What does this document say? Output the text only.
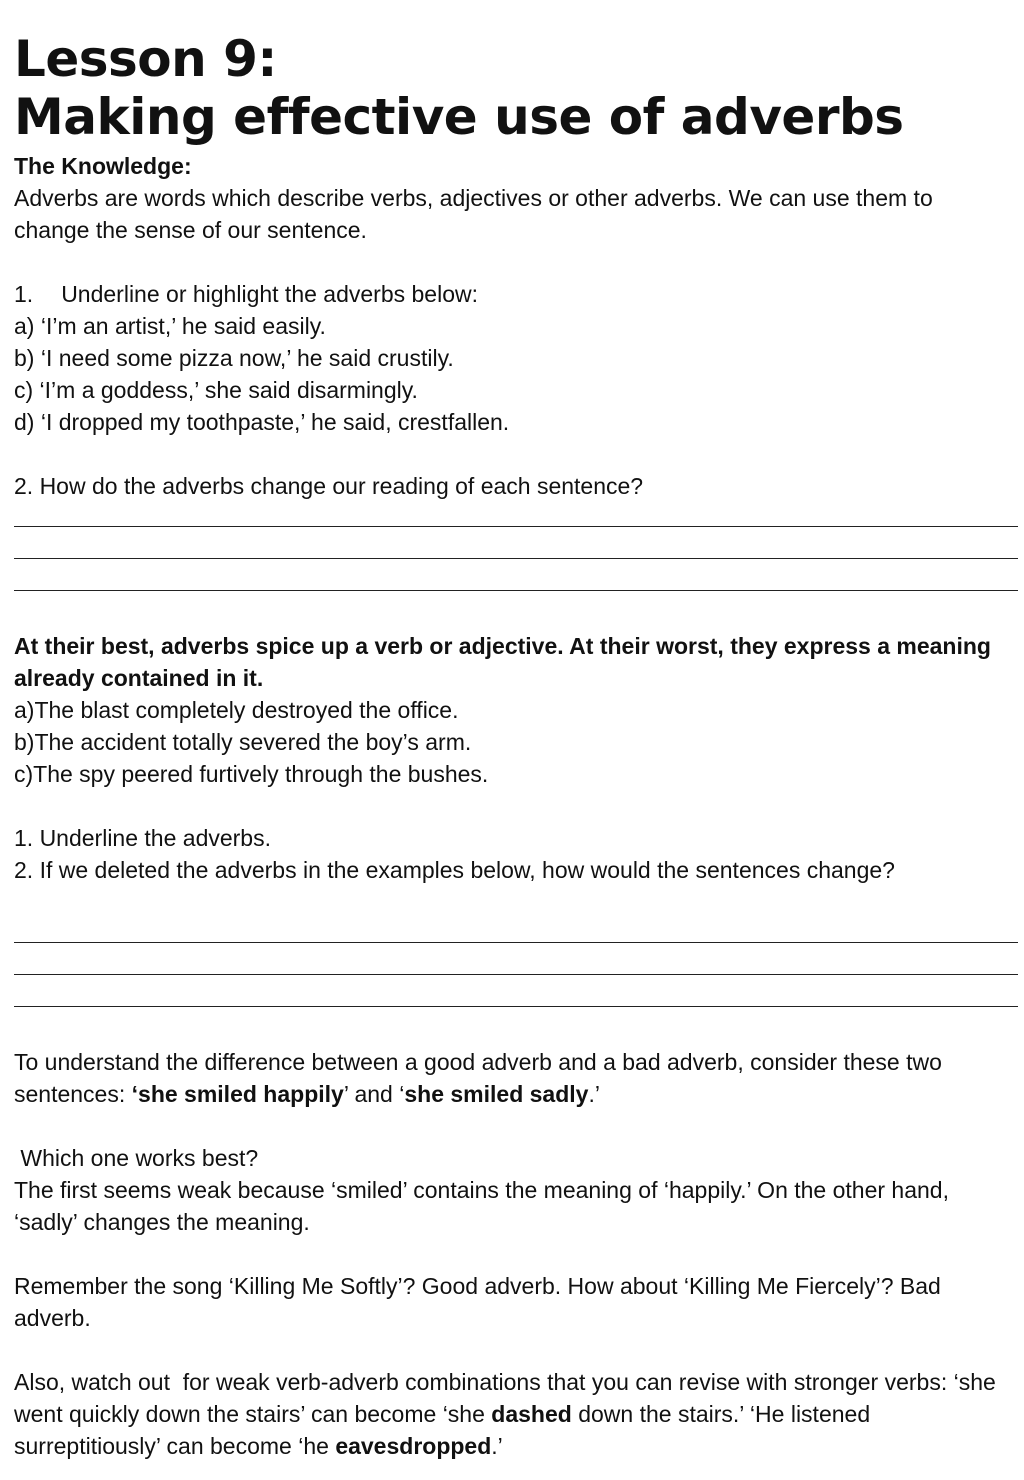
Lesson 9:
Making effective use of adverbs
The Knowledge:
Adverbs are words which describe verbs, adjectives or other adverbs. We can use them to change the sense of our sentence.
1. Underline or highlight the adverbs below:
a) ‘I’m an artist,’ he said easily.
b) ‘I need some pizza now,’ he said crustily.
c) ‘I’m a goddess,’ she said disarmingly.
d) ‘I dropped my toothpaste,’ he said, crestfallen.
2. How do the adverbs change our reading of each sentence?
At their best, adverbs spice up a verb or adjective. At their worst, they express a meaning already contained in it.
a)The blast completely destroyed the office.
b)The accident totally severed the boy’s arm.
c)The spy peered furtively through the bushes.
1. Underline the adverbs.
2. If we deleted the adverbs in the examples below, how would the sentences change?
To understand the difference between a good adverb and a bad adverb, consider these two sentences: ‘she smiled happily’ and ‘she smiled sadly.’
Which one works best?
The first seems weak because ‘smiled’ contains the meaning of ‘happily.’ On the other hand, ‘sadly’ changes the meaning.
Remember the song ‘Killing Me Softly’? Good adverb. How about ‘Killing Me Fiercely’? Bad adverb.
Also, watch out  for weak verb-adverb combinations that you can revise with stronger verbs: ‘she went quickly down the stairs’ can become ‘she dashed down the stairs.’ ‘He listened surreptitiously’ can become ‘he eavesdropped.’
